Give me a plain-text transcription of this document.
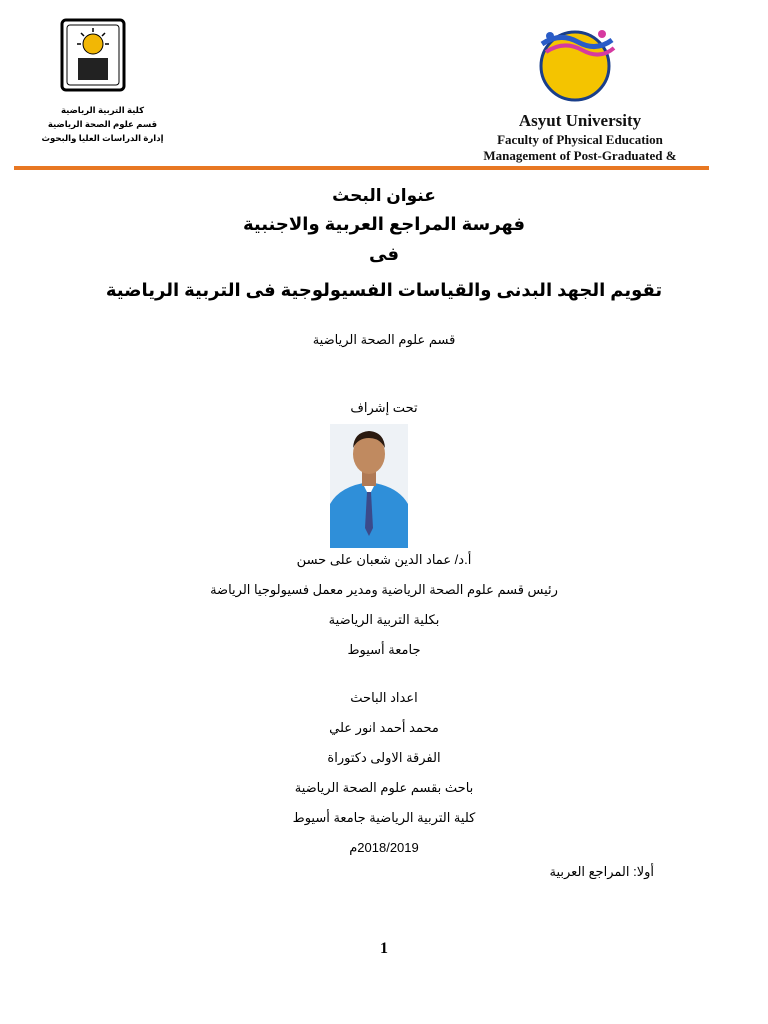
كلية التربية الرياضية
قسم علوم الصحة الرياضية
إدارة الدراسات العليا والبحوث
Asyut University
Faculty of Physical Education
Management of Post-Graduated &
عنوان البحث
فهرسة المراجع العربية والاجنبية
فى
تقويم الجهد البدنى والقياسات الفسيولوجية فى التربية الرياضية
قسم علوم الصحة الرياضية
تحت إشراف
أ.د/ عماد الدين شعبان على حسن
رئيس قسم علوم الصحة الرياضية ومدير معمل فسيولوجيا الرياضة
بكلية التربية الرياضية
جامعة أسيوط
اعداد الباحث
محمد أحمد انور علي
الفرقة الاولى دكتوراة
باحث بقسم علوم الصحة الرياضية
كلية التربية الرياضية جامعة أسيوط
2018/2019م
أولا: المراجع العربية
1
